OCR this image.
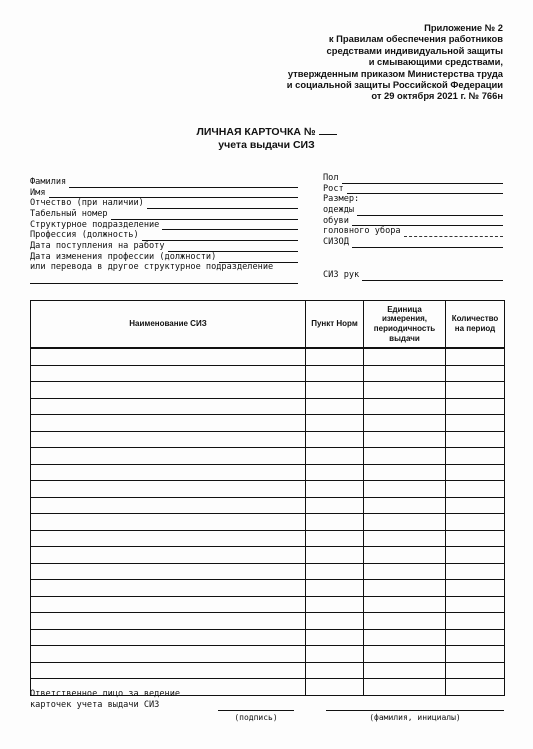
Приложение № 2
к Правилам обеспечения работников
средствами индивидуальной защиты
и смывающими средствами,
утвержденным приказом Министерства труда
и социальной защиты Российской Федерации
от 29 октября 2021 г. № 766н
ЛИЧНАЯ КАРТОЧКА №
учета выдачи СИЗ
Фамилия
Имя
Отчество (при наличии)
Табельный номер
Структурное подразделение
Профессия (должность)
Дата поступления на работу
Дата изменения профессии (должности)
или перевода в другое структурное подразделение
Пол
Рост
Размер:
одежды
обуви
головного убора
СИЗОД
СИЗ рук
Наименование СИЗ	Пункт Норм	Единица измерения, периодичность выдачи	Количество на период

Ответственное лицо за ведение
карточек учета выдачи СИЗ
(подпись)	(фамилия, инициалы)
